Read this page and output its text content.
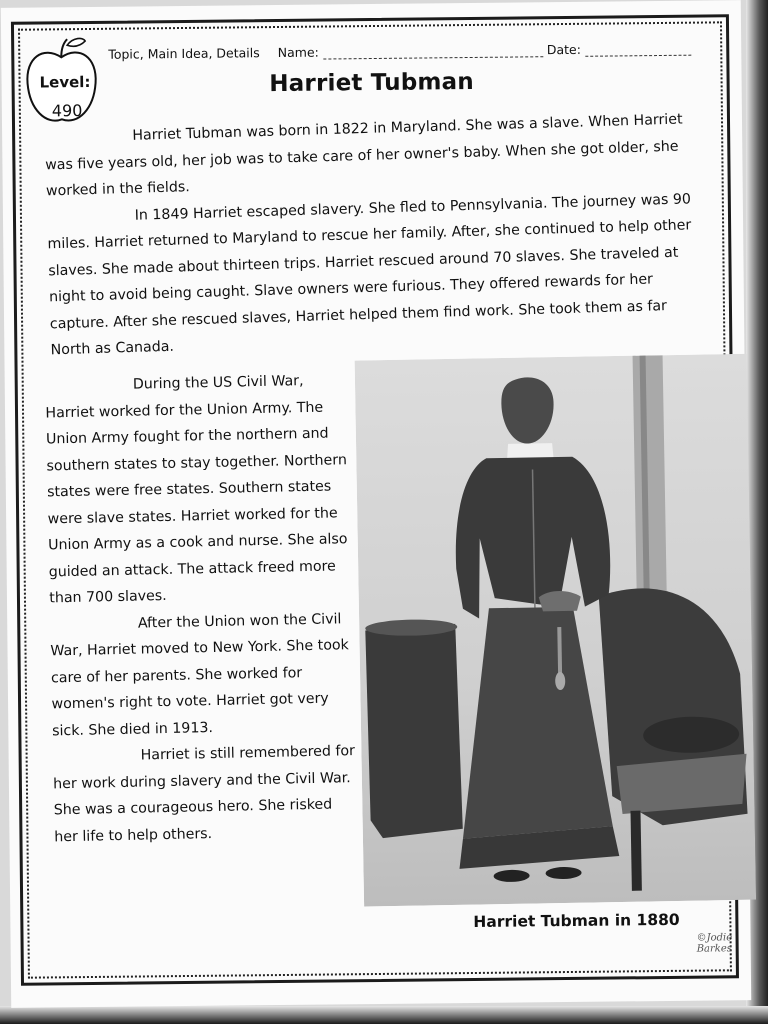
Level:
490
Topic, Main Idea, Details Name:	Date:
Harriet Tubman
Harriet Tubman was born in 1822 in Maryland. She was a slave. When Harriet was five years old, her job was to take care of her owner's baby. When she got older, she worked in the fields.
In 1849 Harriet escaped slavery. She fled to Pennsylvania. The journey was 90 miles. Harriet returned to Maryland to rescue her family. After, she continued to help other slaves. She made about thirteen trips. Harriet rescued around 70 slaves. She traveled at night to avoid being caught. Slave owners were furious. They offered rewards for her capture. After she rescued slaves, Harriet helped them find work. She took them as far North as Canada.
During the US Civil War, Harriet worked for the Union Army. The Union Army fought for the northern and southern states to stay together. Northern states were free states. Southern states were slave states. Harriet worked for the Union Army as a cook and nurse. She also guided an attack. The attack freed more than 700 slaves.
After the Union won the Civil War, Harriet moved to New York. She took care of her parents. She worked for women's right to vote. Harriet got very sick. She died in 1913.
Harriet is still remembered for her work during slavery and the Civil War. She was a courageous hero. She risked her life to help others.
Harriet Tubman in 1880
©Jodie Barkes
